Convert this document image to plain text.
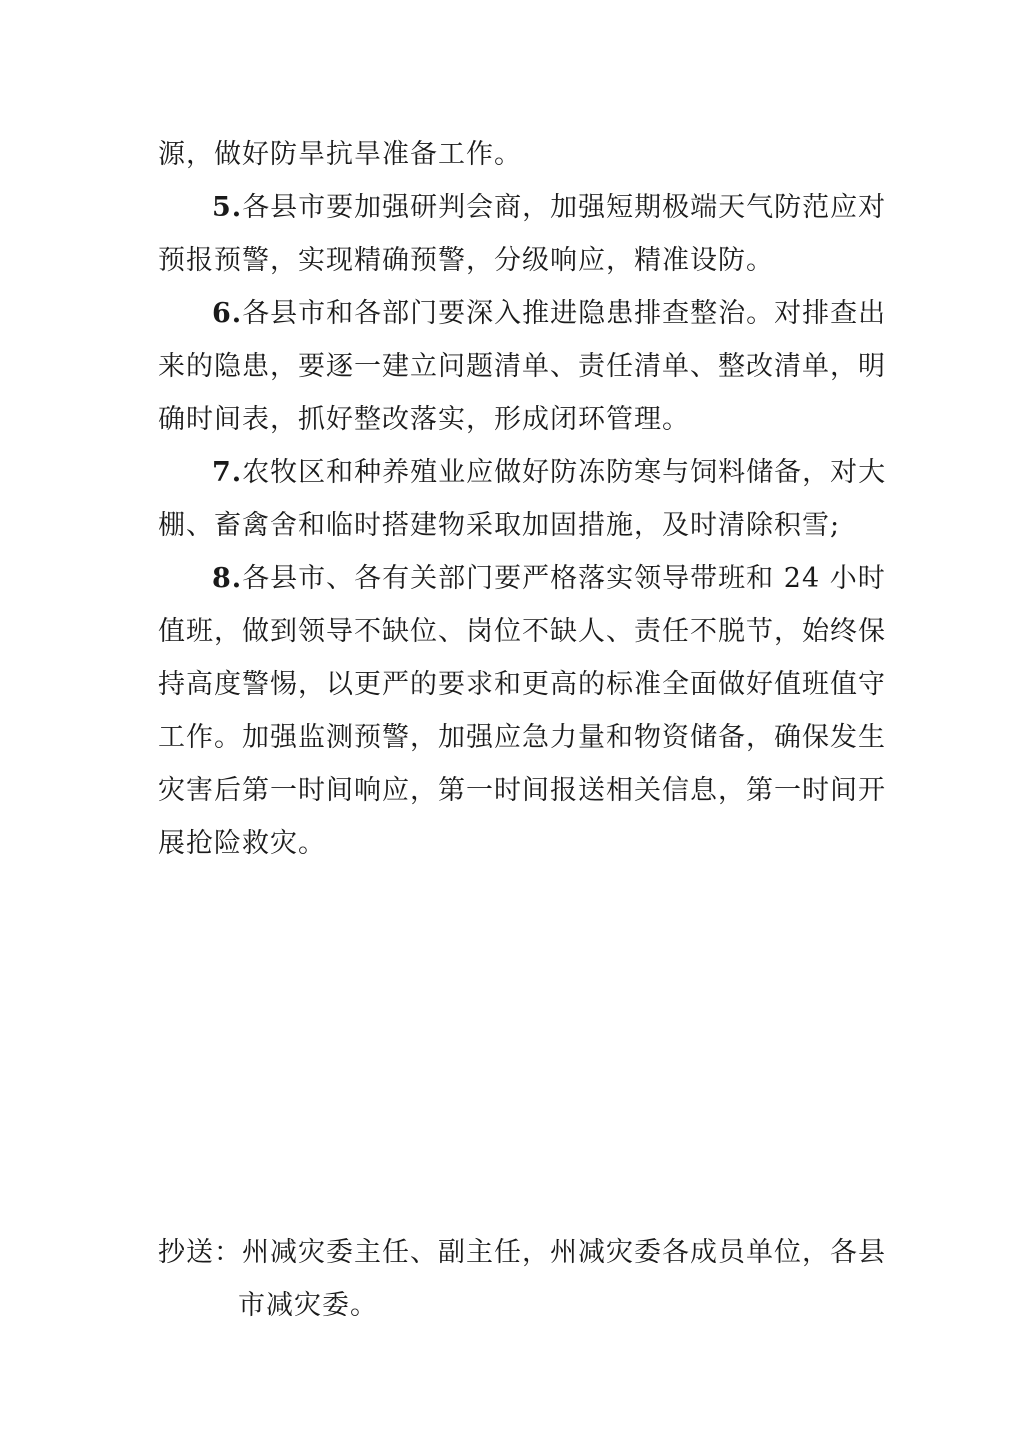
源，做好防旱抗旱准备工作。
5.各县市要加强研判会商，加强短期极端天气防范应对
预报预警，实现精确预警，分级响应，精准设防。
6.各县市和各部门要深入推进隐患排查整治。对排查出
来的隐患，要逐一建立问题清单、责任清单、整改清单，明
确时间表，抓好整改落实，形成闭环管理。
7.农牧区和种养殖业应做好防冻防寒与饲料储备，对大
棚、畜禽舍和临时搭建物采取加固措施，及时清除积雪;
8.各县市、各有关部门要严格落实领导带班和 24 小时
值班，做到领导不缺位、岗位不缺人、责任不脱节，始终保
持高度警惕，以更严的要求和更高的标准全面做好值班值守
工作。加强监测预警，加强应急力量和物资储备，确保发生
灾害后第一时间响应，第一时间报送相关信息，第一时间开
展抢险救灾。
抄送：州减灾委主任、副主任，州减灾委各成员单位，各县
市减灾委。
